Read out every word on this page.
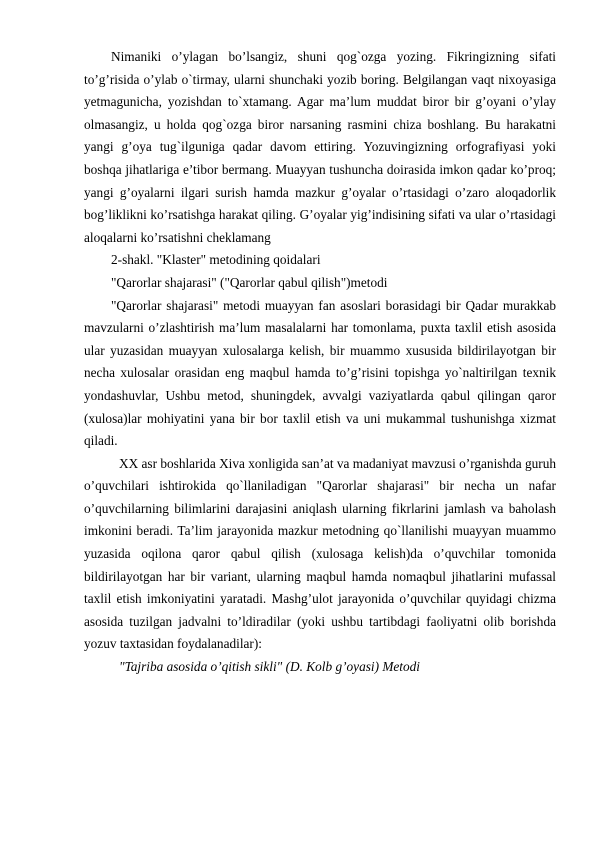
Nimaniki o’ylagan bo’lsangiz, shuni qog`ozga yozing. Fikringizning sifati to’g’risida o’ylab o`tirmay, ularni shunchaki yozib boring. Belgilangan vaqt nixoyasiga yetmagunicha, yozishdan to`xtamang. Agar ma’lum muddat biror bir g’oyani o’ylay olmasangiz, u holda qog`ozga biror narsaning rasmini chiza boshlang. Bu harakatni yangi g’oya tug`ilguniga qadar davom ettiring. Yozuvingizning orfografiyasi yoki boshqa jihatlariga e’tibor bermang. Muayyan tushuncha doirasida imkon qadar ko’proq; yangi g’oyalarni ilgari surish hamda mazkur g’oyalar o’rtasidagi o’zaro aloqadorlik bog’liklikni ko’rsatishga harakat qiling. G’oyalar yig’indisining sifati va ular o’rtasidagi aloqalarni ko’rsatishni cheklamang

2-shakl. "Klaster" metodining qoidalari

"Qarorlar shajarasi" ("Qarorlar qabul qilish")metodi

"Qarorlar shajarasi" metodi muayyan fan asoslari borasidagi bir Qadar murakkab mavzularni o’zlashtirish ma’lum masalalarni har tomonlama, puxta taxlil etish asosida ular yuzasidan muayyan xulosalarga kelish, bir muammo xususida bildirilayotgan bir necha xulosalar orasidan eng maqbul hamda to’g’risini topishga yo`naltirilgan texnik yondashuvlar, Ushbu metod, shuningdek, avvalgi vaziyatlarda qabul qilingan qaror (xulosa)lar mohiyatini yana bir bor taxlil etish va uni mukammal tushunishga xizmat qiladi.

XX asr boshlarida Xiva xonligida san’at va madaniyat mavzusi o’rganishda guruh o’quvchilari ishtirokida qo`llaniladigan "Qarorlar shajarasi" bir necha un nafar o’quvchilarning bilimlarini darajasini aniqlash ularning fikrlarini jamlash va baholash imkonini beradi. Ta’lim jarayonida mazkur metodning qo`llanilishi muayyan muammo yuzasida oqilona qaror qabul qilish (xulosaga kelish)da o’quvchilar tomonida bildirilayotgan har bir variant, ularning maqbul hamda nomaqbul jihatlarini mufassal taxlil etish imkoniyatini yaratadi. Mashg’ulot jarayonida o’quvchilar quyidagi chizma asosida tuzilgan jadvalni to’ldiradilar (yoki ushbu tartibdagi faoliyatni olib borishda yozuv taxtasidan foydalanadilar):

"Tajriba asosida o’qitish sikli" (D. Kolb g’oyasi) Metodi
